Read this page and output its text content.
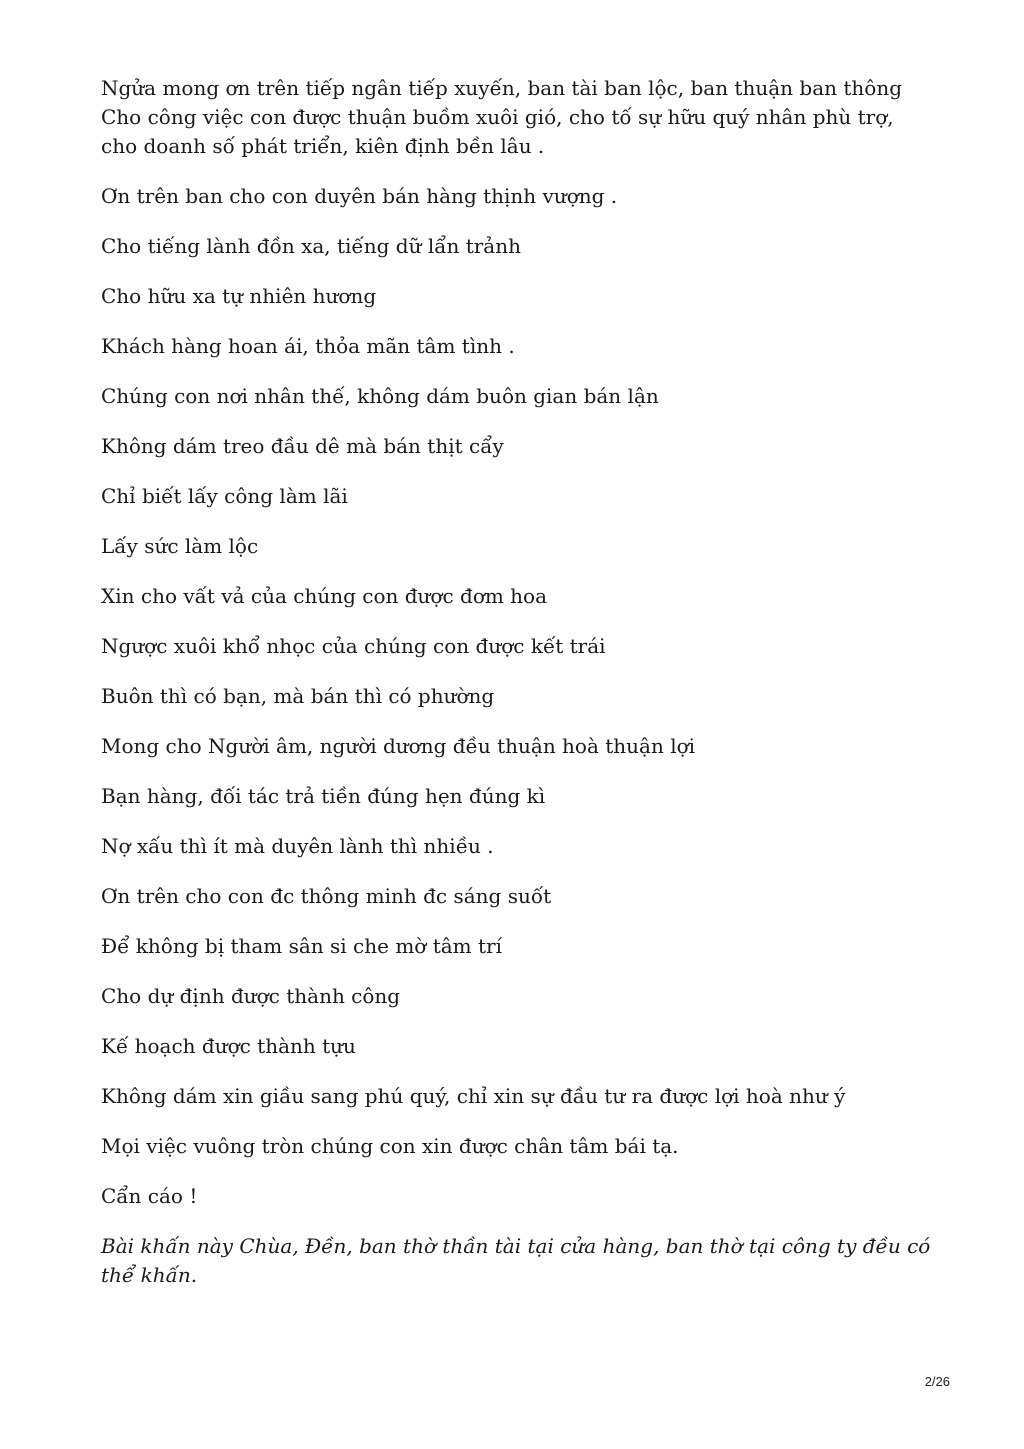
Ngửa mong ơn trên tiếp ngân tiếp xuyến, ban tài ban lộc, ban thuận ban thông Cho công việc con được thuận buồm xuôi gió, cho tố sự hữu quý nhân phù trợ, cho doanh số phát triển, kiên định bền lâu .

Ơn trên ban cho con duyên bán hàng thịnh vượng .

Cho tiếng lành đồn xa, tiếng dữ lẩn trảnh

Cho hữu xa tự nhiên hương

Khách hàng hoan ái, thỏa mãn tâm tình .

Chúng con nơi nhân thế, không dám buôn gian bán lận

Không dám treo đầu dê mà bán thịt cẩy

Chỉ biết lấy công làm lãi

Lấy sức làm lộc

Xin cho vất vả của chúng con được đơm hoa

Ngược xuôi khổ nhọc của chúng con được kết trái

Buôn thì có bạn, mà bán thì có phường

Mong cho Người âm, người dương đều thuận hoà thuận lợi

Bạn hàng, đối tác trả tiền đúng hẹn đúng kì

Nợ xấu thì ít mà duyên lành thì nhiều .

Ơn trên cho con đc thông minh đc sáng suốt

Để không bị tham sân si che mờ tâm trí

Cho dự định được thành công

Kế hoạch được thành tựu

Không dám xin giầu sang phú quý, chỉ xin sự đầu tư ra được lợi hoà như ý

Mọi việc vuông tròn chúng con xin được chân tâm bái tạ.

Cẩn cáo !

Bài khấn này Chùa, Đền, ban thờ thần tài tại cửa hàng, ban thờ tại công ty đều có thể khấn.

2/26
